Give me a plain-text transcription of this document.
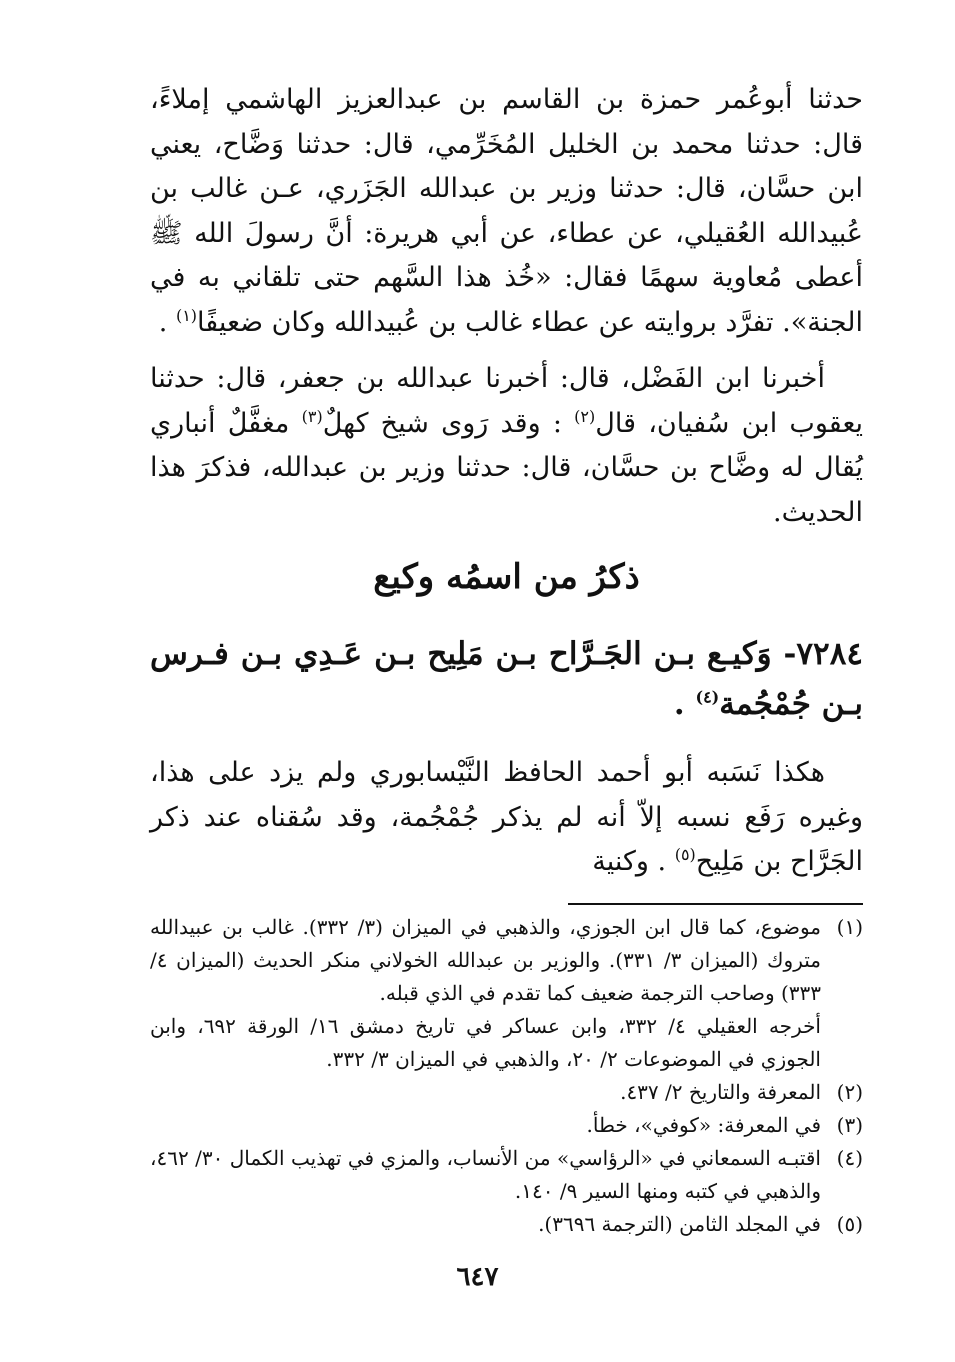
حدثنا أبوعُمر حمزة بن القاسم بن عبدالعزيز الهاشمي إملاءً، قال: حدثنا محمد بن الخليل المُخَرِّمي، قال: حدثنا وَضَّاح، يعني ابن حسَّان، قال: حدثنا وزير بن عبدالله الجَزَري، عـن غالب بن عُبيدالله العُقيلي، عن عطاء، عن أبي هريرة: أنَّ رسولَ الله ﷺ أعطى مُعاوية سهمًا فقال: «خُذ هذا السَّهم حتى تلقاني به في الجنة». تفرَّد بروايته عن عطاء غالب بن عُبيدالله وكان ضعيفًا$^{(١)}$ .

أخبرنا ابن الفَضْل، قال: أخبرنا عبدالله بن جعفر، قال: حدثنا يعقوب ابن سُفيان، قال$^{(٢)}$ : وقد رَوى شيخ كهلٌ$^{(٣)}$ مغفَّلٌ أنباري يُقال له وضَّاح بن حسَّان، قال: حدثنا وزير بن عبدالله، فذكرَ هذا الحديث.

ذكرُ من اسمُه وكيع

٧٢٨٤- وَكيـع بـن الجَـرَّاح بـن مَلِيح بـن عَـدِي بـن فـرس بـن جُمْجُمة$^{(٤)}$ .

هكذا نَسَبه أبو أحمد الحافظ النَّيْسابوري ولم يزد على هذا، وغيره رَفَع نسبه إلاّ أنه لم يذكر جُمْجُمة، وقد سُقناه عند ذكر الجَرَّاح بن مَلِيح$^{(٥)}$ . وكنية

(١)
موضوع، كما قال ابن الجوزي، والذهبي في الميزان (٣/ ٣٣٢). غالب بن عبيدالله متروك (الميزان ٣/ ٣٣١). والوزير بن عبدالله الخولاني منكر الحديث (الميزان ٤/ ٣٣٣) وصاحب الترجمة ضعيف كما تقدم في الذي قبله.
أخرجه العقيلي ٤/ ٣٣٢، وابن عساكر في تاريخ دمشق ١٦/ الورقة ٦٩٢، وابن الجوزي في الموضوعات ٢/ ٢٠، والذهبي في الميزان ٣/ ٣٣٢.
(٢)
المعرفة والتاريخ ٢/ ٤٣٧.
(٣)
في المعرفة: «كوفي»، خطأ.
(٤)
اقتبـه السمعاني في «الرؤاسي» من الأنساب، والمزي في تهذيب الكمال ٣٠/ ٤٦٢، والذهبي في كتبه ومنها السير ٩/ ١٤٠.
(٥)
في المجلد الثامن (الترجمة ٣٦٩٦).
٦٤٧
